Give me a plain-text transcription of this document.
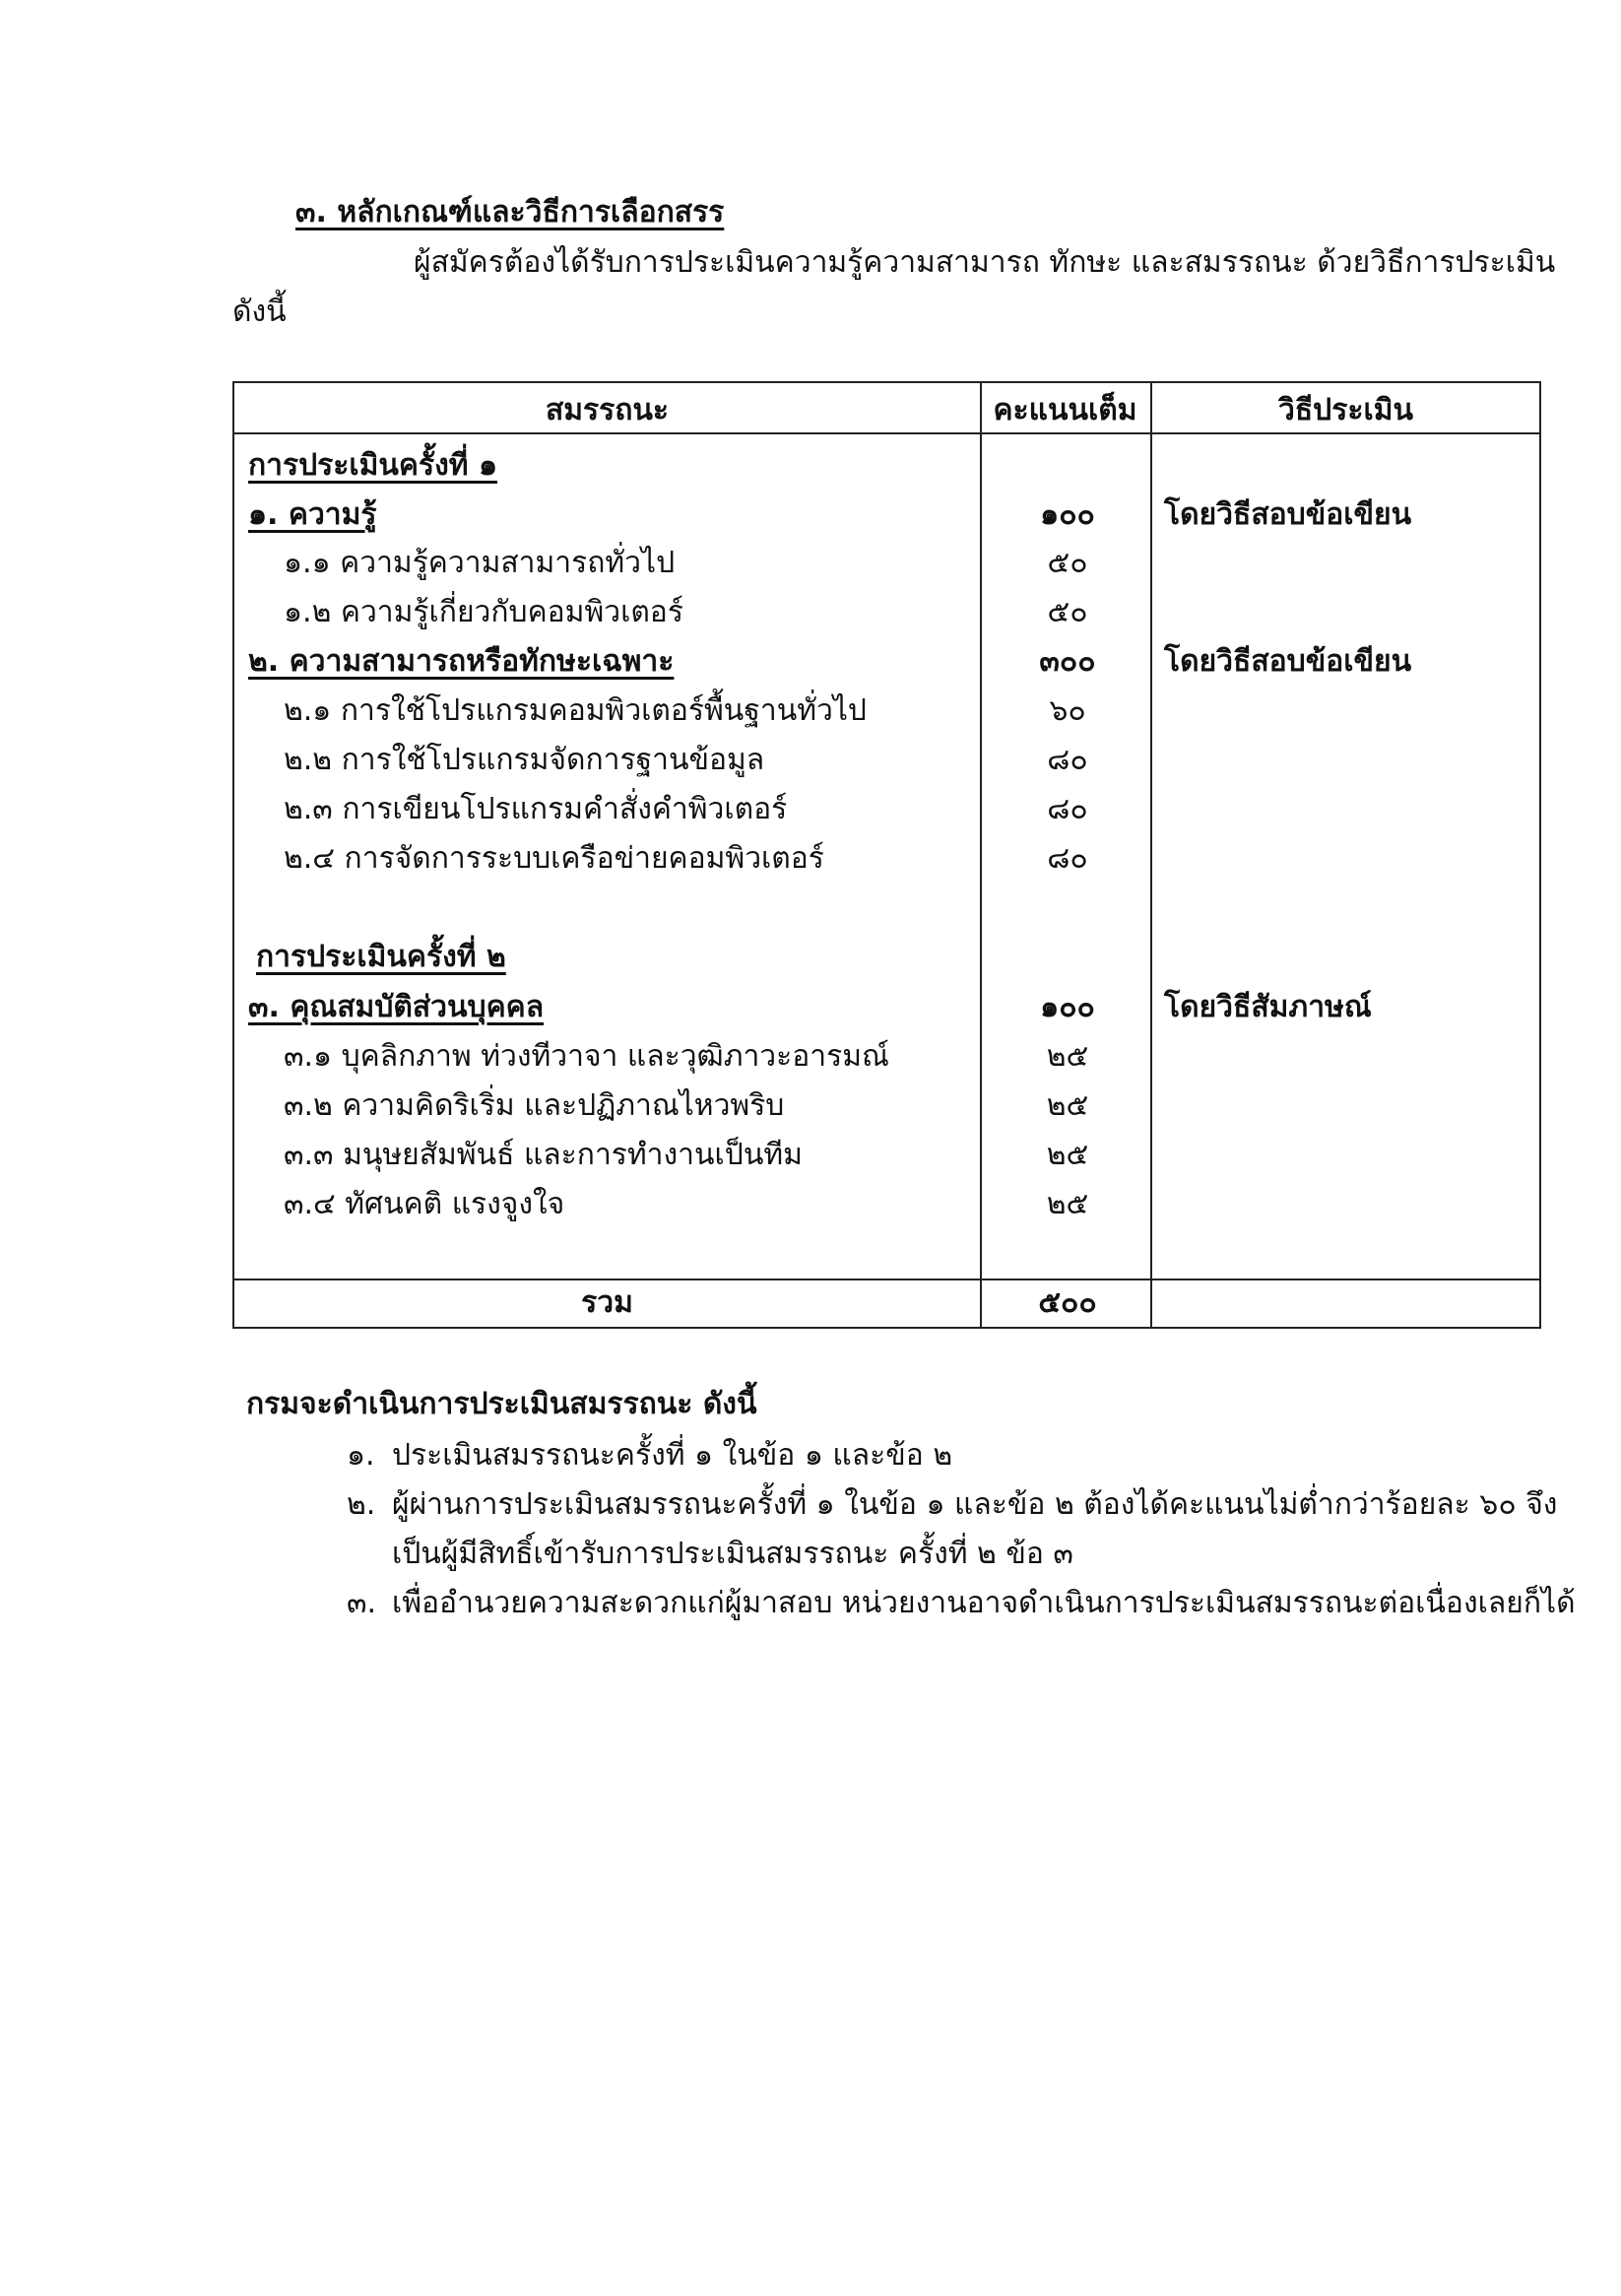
๓. หลักเกณฑ์และวิธีการเลือกสรร
ผู้สมัครต้องได้รับการประเมินความรู้ความสามารถ ทักษะ และสมรรถนะ ด้วยวิธีการประเมิน
ดังนี้
สมรรถนะ	คะแนนเต็ม	วิธีประเมิน
การประเมินครั้งที่ ๑
๑. ความรู้	๑๐๐	โดยวิธีสอบข้อเขียน
๑.๑ ความรู้ความสามารถทั่วไป	๕๐
๑.๒ ความรู้เกี่ยวกับคอมพิวเตอร์	๕๐
๒. ความสามารถหรือทักษะเฉพาะ	๓๐๐	โดยวิธีสอบข้อเขียน
๒.๑ การใช้โปรแกรมคอมพิวเตอร์พื้นฐานทั่วไป	๖๐
๒.๒ การใช้โปรแกรมจัดการฐานข้อมูล	๘๐
๒.๓ การเขียนโปรแกรมคำสั่งคำพิวเตอร์	๘๐
๒.๔ การจัดการระบบเครือข่ายคอมพิวเตอร์	๘๐
การประเมินครั้งที่ ๒
๓. คุณสมบัติส่วนบุคคล	๑๐๐	โดยวิธีสัมภาษณ์
๓.๑ บุคลิกภาพ ท่วงทีวาจา และวุฒิภาวะอารมณ์	๒๕
๓.๒ ความคิดริเริ่ม และปฏิภาณไหวพริบ	๒๕
๓.๓ มนุษยสัมพันธ์ และการทำงานเป็นทีม	๒๕
๓.๔ ทัศนคติ แรงจูงใจ	๒๕
รวม	๕๐๐
กรมจะดำเนินการประเมินสมรรถนะ ดังนี้
๑. ประเมินสมรรถนะครั้งที่ ๑ ในข้อ ๑ และข้อ ๒
๒. ผู้ผ่านการประเมินสมรรถนะครั้งที่ ๑ ในข้อ ๑ และข้อ ๒ ต้องได้คะแนนไม่ต่ำกว่าร้อยละ ๖๐ จึง
เป็นผู้มีสิทธิ์เข้ารับการประเมินสมรรถนะ ครั้งที่ ๒ ข้อ ๓
๓. เพื่ออำนวยความสะดวกแก่ผู้มาสอบ หน่วยงานอาจดำเนินการประเมินสมรรถนะต่อเนื่องเลยก็ได้
